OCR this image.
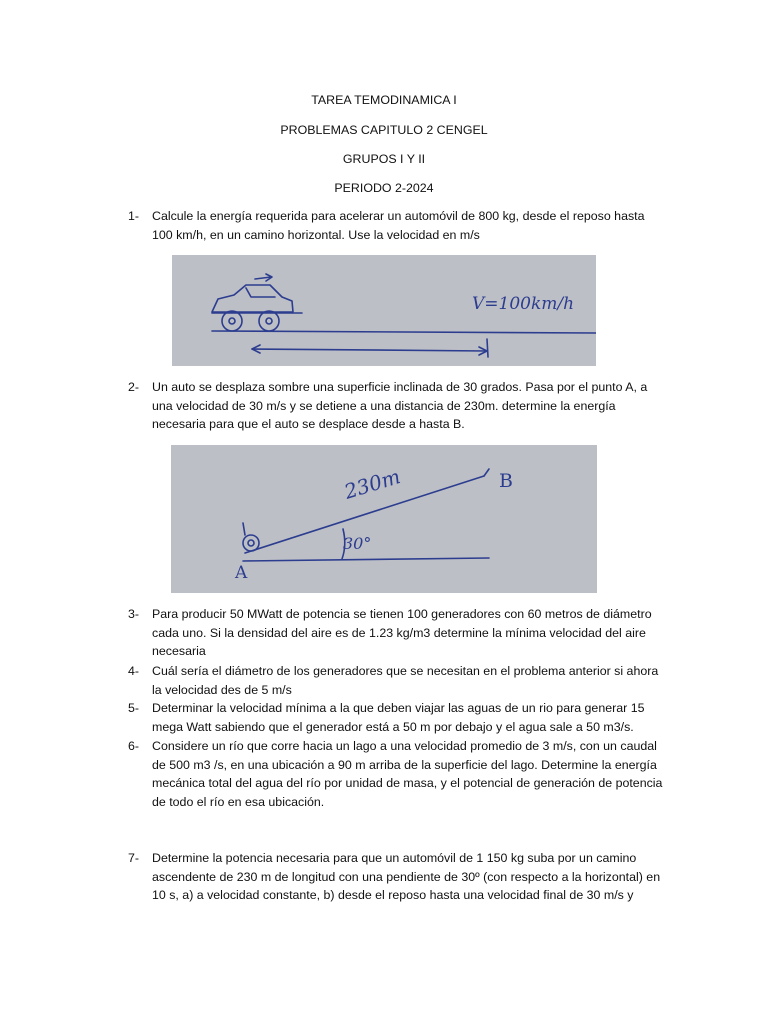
TAREA TEMODINAMICA I
PROBLEMAS CAPITULO 2 CENGEL
GRUPOS I Y II
PERIODO 2-2024
1- Calcule la energía requerida para acelerar un automóvil de 800 kg, desde el reposo hasta 100 km/h, en un camino horizontal. Use la velocidad en m/s
V=100km/h
2- Un auto se desplaza sombre una superficie inclinada de 30 grados. Pasa por el punto A, a una velocidad de 30 m/s y se detiene a una distancia de 230m. determine la energía necesaria para que el auto se desplace desde a hasta B.
30°
230m
A
B
3- Para producir 50 MWatt de potencia se tienen 100 generadores con 60 metros de diámetro cada uno. Si la densidad del aire es de 1.23 kg/m3 determine la mínima velocidad del aire necesaria
4- Cuál sería el diámetro de los generadores que se necesitan en el problema anterior si ahora la velocidad des de 5 m/s
5- Determinar la velocidad mínima a la que deben viajar las aguas de un rio para generar 15 mega Watt sabiendo que el generador está a 50 m por debajo y el agua sale a 50 m3/s.
6- Considere un río que corre hacia un lago a una velocidad promedio de 3 m/s, con un caudal de 500 m3 /s, en una ubicación a 90 m arriba de la superficie del lago. Determine la energía mecánica total del agua del río por unidad de masa, y el potencial de generación de potencia de todo el río en esa ubicación.
7- Determine la potencia necesaria para que un automóvil de 1 150 kg suba por un camino ascendente de 230 m de longitud con una pendiente de 30º (con respecto a la horizontal) en 10 s, a) a velocidad constante, b) desde el reposo hasta una velocidad final de 30 m/s y
